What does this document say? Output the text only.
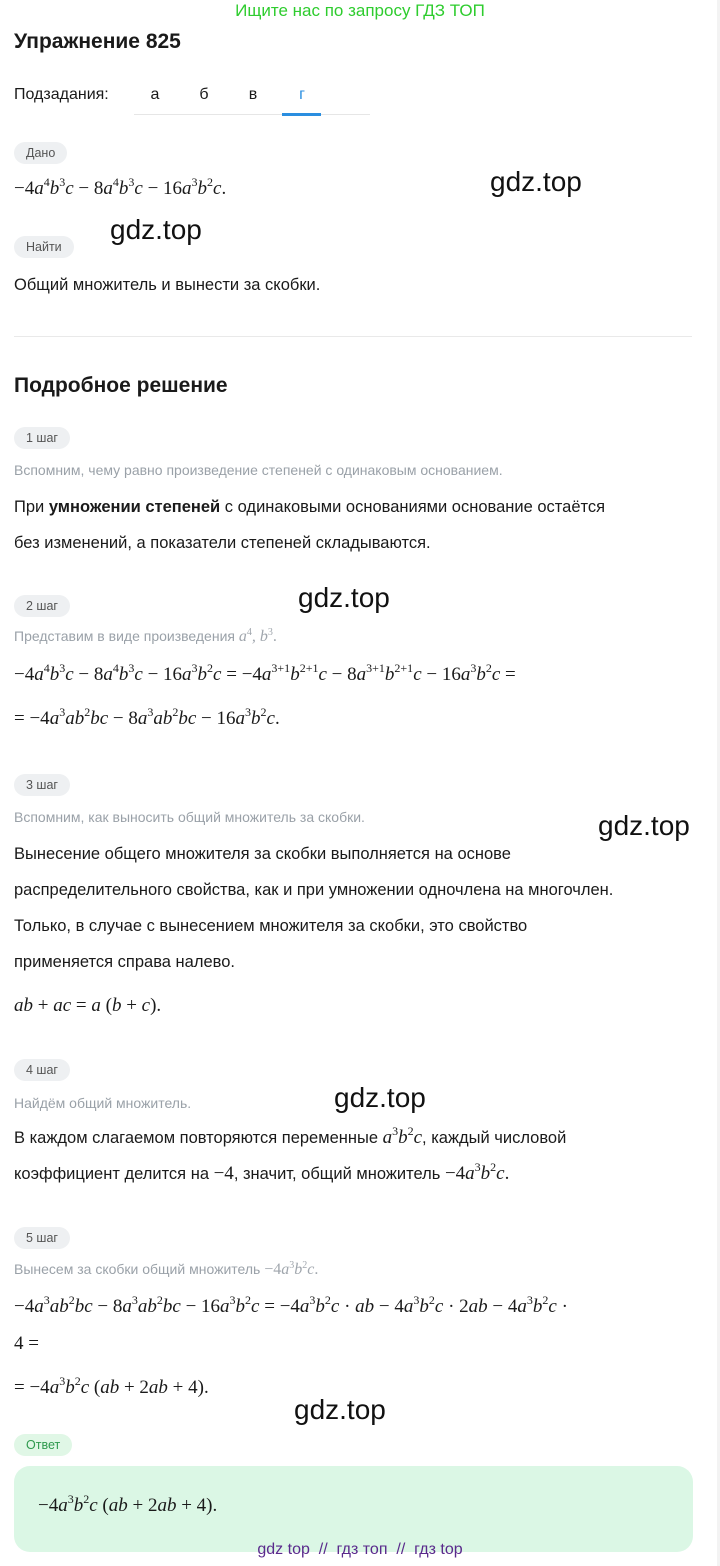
Ищите нас по запросу ГДЗ ТОП
Упражнение 825
Подзадания:	а	б	в	г
Дано
$-4a^4b^3c - 8a^4b^3c - 16a^3b^2c$.
Найти
Общий множитель и вынести за скобки.
Подробное решение
1 шаг
Вспомним, чему равно произведение степеней с одинаковым основанием.
При умножении степеней с одинаковыми основаниями основание остаётся
без изменений, а показатели степеней складываются.
2 шаг
Представим в виде произведения $a^4$, $b^3$.
$-4a^4b^3c - 8a^4b^3c - 16a^3b^2c = -4a^{3+1}b^{2+1}c - 8a^{3+1}b^{2+1}c - 16a^3b^2c$ =
= $-4a^3ab^2bc - 8a^3ab^2bc - 16a^3b^2c$.
3 шаг
Вспомним, как выносить общий множитель за скобки.
Вынесение общего множителя за скобки выполняется на основе
распределительного свойства, как и при умножении одночлена на многочлен.
Только, в случае с вынесением множителя за скобки, это свойство
применяется справа налево.
ab + ac = a (b + c).
4 шаг
Найдём общий множитель.
В каждом слагаемом повторяются переменные $a^3b^2c$, каждый числовой
коэффициент делится на −4, значит, общий множитель $-4a^3b^2c$.
5 шаг
Вынесем за скобки общий множитель $-4a^3b^2c$.
$-4a^3ab^2bc - 8a^3ab^2bc - 16a^3b^2c = -4a^3b^2c$ · ab − $4a^3b^2c \cdot 2ab - 4a^3b^2c$ ·
4 =
= $-4a^3b^2c$ (ab + 2ab + 4).
Ответ
$-4a^3b^2c$ (ab + 2ab + 4).
gdz.top
gdz.top
gdz.top
gdz.top
gdz.top
gdz.top
gdz top  //  гдз топ  //  гдз top
